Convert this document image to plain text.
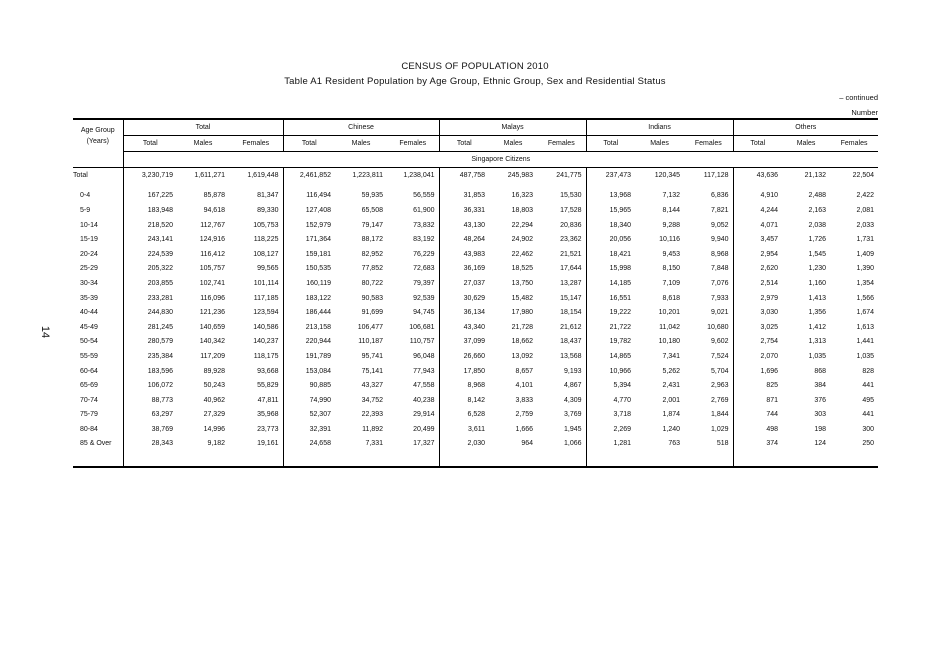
CENSUS OF POPULATION 2010
Table A1 Resident Population by Age Group, Ethnic Group, Sex and Residential Status
– continued
Number
14
Age Group
(Years)	Total			Chinese			Malays			Indians			Others		
	Total	Males	Females	Total	Males	Females	Total	Males	Females	Total	Males	Females	Total	Males	Females
	Singapore Citizens														
Total	3,230,719	1,611,271	1,619,448	2,461,852	1,223,811	1,238,041	487,758	245,983	241,775	237,473	120,345	117,128	43,636	21,132	22,504

0-4	167,225	85,878	81,347	116,494	59,935	56,559	31,853	16,323	15,530	13,968	7,132	6,836	4,910	2,488	2,422
5-9	183,948	94,618	89,330	127,408	65,508	61,900	36,331	18,803	17,528	15,965	8,144	7,821	4,244	2,163	2,081
10-14	218,520	112,767	105,753	152,979	79,147	73,832	43,130	22,294	20,836	18,340	9,288	9,052	4,071	2,038	2,033
15-19	243,141	124,916	118,225	171,364	88,172	83,192	48,264	24,902	23,362	20,056	10,116	9,940	3,457	1,726	1,731
20-24	224,539	116,412	108,127	159,181	82,952	76,229	43,983	22,462	21,521	18,421	9,453	8,968	2,954	1,545	1,409
25-29	205,322	105,757	99,565	150,535	77,852	72,683	36,169	18,525	17,644	15,998	8,150	7,848	2,620	1,230	1,390
30-34	203,855	102,741	101,114	160,119	80,722	79,397	27,037	13,750	13,287	14,185	7,109	7,076	2,514	1,160	1,354
35-39	233,281	116,096	117,185	183,122	90,583	92,539	30,629	15,482	15,147	16,551	8,618	7,933	2,979	1,413	1,566
40-44	244,830	121,236	123,594	186,444	91,699	94,745	36,134	17,980	18,154	19,222	10,201	9,021	3,030	1,356	1,674
45-49	281,245	140,659	140,586	213,158	106,477	106,681	43,340	21,728	21,612	21,722	11,042	10,680	3,025	1,412	1,613
50-54	280,579	140,342	140,237	220,944	110,187	110,757	37,099	18,662	18,437	19,782	10,180	9,602	2,754	1,313	1,441
55-59	235,384	117,209	118,175	191,789	95,741	96,048	26,660	13,092	13,568	14,865	7,341	7,524	2,070	1,035	1,035
60-64	183,596	89,928	93,668	153,084	75,141	77,943	17,850	8,657	9,193	10,966	5,262	5,704	1,696	868	828
65-69	106,072	50,243	55,829	90,885	43,327	47,558	8,968	4,101	4,867	5,394	2,431	2,963	825	384	441
70-74	88,773	40,962	47,811	74,990	34,752	40,238	8,142	3,833	4,309	4,770	2,001	2,769	871	376	495
75-79	63,297	27,329	35,968	52,307	22,393	29,914	6,528	2,759	3,769	3,718	1,874	1,844	744	303	441
80-84	38,769	14,996	23,773	32,391	11,892	20,499	3,611	1,666	1,945	2,269	1,240	1,029	498	198	300
85 & Over	28,343	9,182	19,161	24,658	7,331	17,327	2,030	964	1,066	1,281	763	518	374	124	250
